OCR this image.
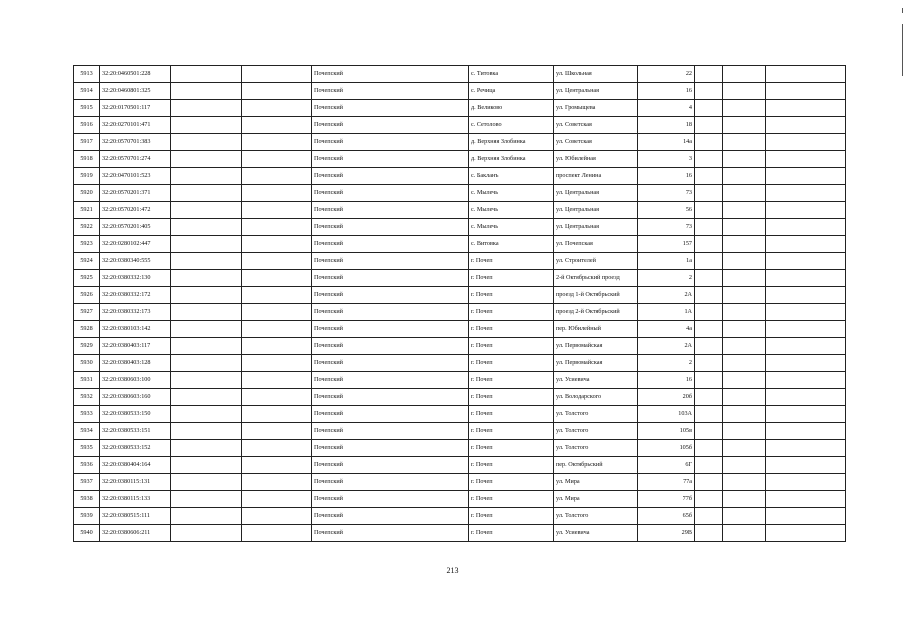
5913	32:20:0460501:228			Почепский	с. Титовка	ул. Школьная	22			
5914	32:20:0460801:325			Почепский	с. Речица	ул. Центральная	16			
5915	32:20:0170501:117			Почепский	д. Великово	ул. Громыщева	4			
5916	32:20:0270101:471			Почепский	с. Сетолово	ул. Советская	18			
5917	32:20:0570701:383			Почепский	д. Верхняя Злобинка	ул. Советская	14а			
5918	32:20:0570701:274			Почепский	д. Верхняя Злобинка	ул. Юбилейная	3			
5919	32:20:0470101:523			Почепский	с. Бакланъ	проспект Ленина	16			
5920	32:20:0570201:371			Почепский	с. Мылечь	ул. Центральная	73			
5921	32:20:0570201:472			Почепский	с. Мылечь	ул. Центральная	56			
5922	32:20:0570201:405			Почепский	с. Мылечь	ул. Центральная	73			
5923	32:20:0280102:447			Почепский	с. Витовка	ул. Почепская	157			
5924	32:20:0380340:555			Почепский	г. Почеп	ул. Строителей	1а			
5925	32:20:0380332:130			Почепский	г. Почеп	2-й Октябрьский проезд	2			
5926	32:20:0380332:172			Почепский	г. Почеп	проезд 1-й Октябрьский	2А			
5927	32:20:0380332:173			Почепский	г. Почеп	проезд 2-й Октябрьский	1А			
5928	32:20:0380103:142			Почепский	г. Почеп	пер. Юбилейный	4а			
5929	32:20:0380403:117			Почепский	г. Почеп	ул. Первомайская	2А			
5930	32:20:0380403:128			Почепский	г. Почеп	ул. Первомайская	2			
5931	32:20:0380603:100			Почепский	г. Почеп	ул. Усиевича	16			
5932	32:20:0380603:160			Почепский	г. Почеп	ул. Володарского	20б			
5933	32:20:0380533:150			Почепский	г. Почеп	ул. Толстого	103А			
5934	32:20:0380533:151			Почепский	г. Почеп	ул. Толстого	105в			
5935	32:20:0380533:152			Почепский	г. Почеп	ул. Толстого	105б			
5936	32:20:0380404:164			Почепский	г. Почеп	пер. Октябрьский	6Г			
5937	32:20:0380115:131			Почепский	г. Почеп	ул. Мира	77а			
5938	32:20:0380115:133			Почепский	г. Почеп	ул. Мира	77б			
5939	32:20:0380515:111			Почепский	г. Почеп	ул. Толстого	65б			
5940	32:20:0380606:211			Почепский	г. Почеп	ул. Усиевича	29В			
213
